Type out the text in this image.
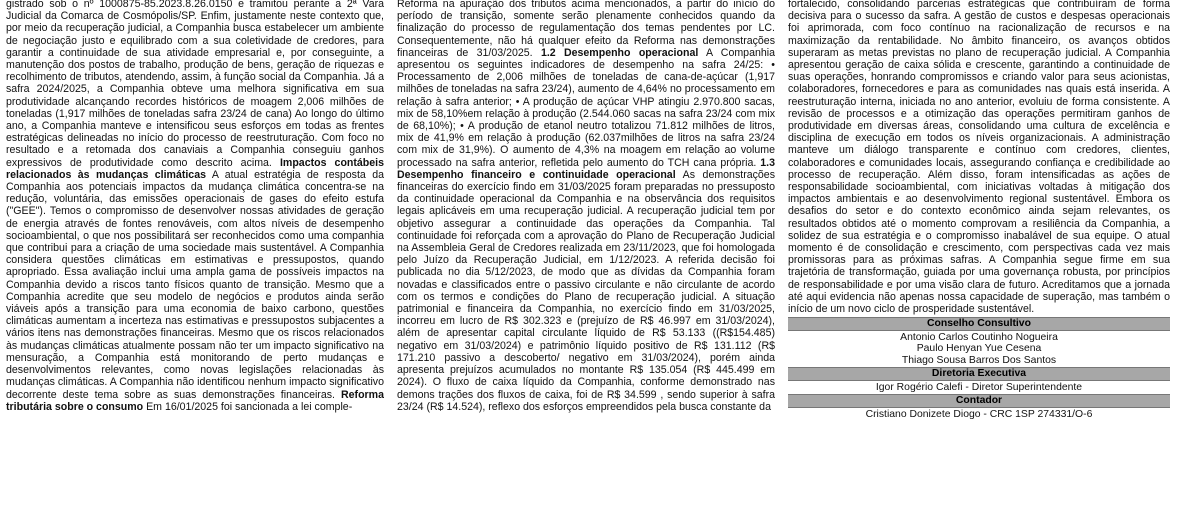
gistrado sob o nº 1000875-85.2023.8.26.0150 e tramitou perante a 2ª Vara Judicial da Comarca de Cosmópolis/SP. Enfim, justamente neste contexto que, por meio da recuperação judicial, a Companhia busca estabelecer um ambiente de negociação justo e equilibrado com a sua coletividade de credores, para garantir a continuidade de sua atividade empresarial e, por conseguinte, a manutenção dos postos de trabalho, produção de bens, geração de riquezas e recolhimento de tributos, atendendo, assim, à função social da Companhia. Já a safra 2024/2025, a Companhia obteve uma melhora significativa em sua produtividade alcançando recordes históricos de moagem 2,006 milhões de toneladas (1,917 milhões de toneladas safra 23/24 de cana) Ao longo do último ano, a Companhia manteve e intensificou seus esforços em todas as frentes estratégicas delineadas no início do processo de reestruturação. Com foco no resultado e a retomada dos canaviais a Companhia conseguiu ganhos expressivos de produtividade como descrito acima. Impactos contábeis relacionados às mudanças climáticas A atual estratégia de resposta da Companhia aos potenciais impactos da mudança climática concentra-se na redução, voluntária, das emissões operacionais de gases do efeito estufa ("GEE"). Temos o compromisso de desenvolver nossas atividades de geração de energia através de fontes renováveis, com altos níveis de desempenho socioambiental, o que nos possibilitará ser reconhecidos como uma companhia que contribui para a criação de uma sociedade mais sustentável. A Companhia considera questões climáticas em estimativas e pressupostos, quando apropriado. Essa avaliação inclui uma ampla gama de possíveis impactos na Companhia devido a riscos tanto físicos quanto de transição. Mesmo que a Companhia acredite que seu modelo de negócios e produtos ainda serão viáveis após a transição para uma economia de baixo carbono, questões climáticas aumentam a incerteza nas estimativas e pressupostos subjacentes a vários itens nas demonstrações financeiras. Mesmo que os riscos relacionados às mudanças climáticas atualmente possam não ter um impacto significativo na mensuração, a Companhia está monitorando de perto mudanças e desenvolvimentos relevantes, como novas legislações relacionadas às mudanças climáticas. A Companhia não identificou nenhum impacto significativo decorrente deste tema sobre as suas demonstrações financeiras. Reforma tributária sobre o consumo Em 16/01/2025 foi sancionada a lei comple-

Reforma na apuração dos tributos acima mencionados, a partir do início do período de transição, somente serão plenamente conhecidos quando da finalização do processo de regulamentação dos temas pendentes por LC. Consequentemente, não há qualquer efeito da Reforma nas demonstrações financeiras de 31/03/2025. 1.2 Desempenho operacional A Companhia apresentou os seguintes indicadores de desempenho na safra 24/25: • Processamento de 2,006 milhões de toneladas de cana-de-açúcar (1,917 milhões de toneladas na safra 23/24), aumento de 4,64% no processamento em relação à safra anterior; • A produção de açúcar VHP atingiu 2.970.800 sacas, mix de 58,10%em relação à produção (2.544.060 sacas na safra 23/24 com mix de 68,10%); • A produção de etanol neutro totalizou 71.812 milhões de litros, mix de 41,9% em relação à produção (62.037milhões de litros na safra 23/24 com mix de 31,9%). O aumento de 4,3% na moagem em relação ao volume processado na safra anterior, refletida pelo aumento do TCH cana própria. 1.3 Desempenho financeiro e continuidade operacional As demonstrações financeiras do exercício findo em 31/03/2025 foram preparadas no pressuposto da continuidade operacional da Companhia e na observância dos requisitos legais aplicáveis em uma recuperação judicial. A recuperação judicial tem por objetivo assegurar a continuidade das operações da Companhia. Tal continuidade foi reforçada com a aprovação do Plano de Recuperação Judicial na Assembleia Geral de Credores realizada em 23/11/2023, que foi homologada pelo Juízo da Recuperação Judicial, em 1/12/2023. A referida decisão foi publicada no dia 5/12/2023, de modo que as dívidas da Companhia foram novadas e classificados entre o passivo circulante e não circulante de acordo com os termos e condições do Plano de recuperação judicial. A situação patrimonial e financeira da Companhia, no exercício findo em 31/03/2025, incorreu em lucro de R$ 302.323 e (prejuízo de R$ 46.997 em 31/03/2024), além de apresentar capital circulante líquido de R$ 53.133 ((R$154.485) negativo em 31/03/2024) e patrimônio líquido positivo de R$ 131.112 (R$ 171.210 passivo a descoberto/ negativo em 31/03/2024), porém ainda apresenta prejuízos acumulados no montante R$ 135.054 (R$ 445.499 em 2024). O fluxo de caixa líquido da Companhia, conforme demonstrado nas demons trações dos fluxos de caixa, foi de R$ 34.599 , sendo superior à safra 23/24 (R$ 14.524), reflexo dos esforços empreendidos pela busca constante da

fortalecido, consolidando parcerias estratégicas que contribuíram de forma decisiva para o sucesso da safra. A gestão de custos e despesas operacionais foi aprimorada, com foco contínuo na racionalização de recursos e na maximização da rentabilidade. No âmbito financeiro, os avanços obtidos superaram as metas previstas no plano de recuperação judicial. A Companhia apresentou geração de caixa sólida e crescente, garantindo a continuidade de suas operações, honrando compromissos e criando valor para seus acionistas, colaboradores, fornecedores e para as comunidades nas quais está inserida. A reestruturação interna, iniciada no ano anterior, evoluiu de forma consistente. A revisão de processos e a otimização das operações permitiram ganhos de produtividade em diversas áreas, consolidando uma cultura de excelência e disciplina de execução em todos os níveis organizacionais. A administração manteve um diálogo transparente e contínuo com credores, clientes, colaboradores e comunidades locais, assegurando confiança e credibilidade ao processo de recuperação. Além disso, foram intensificadas as ações de responsabilidade socioambiental, com iniciativas voltadas à mitigação dos impactos ambientais e ao desenvolvimento regional sustentável. Embora os desafios do setor e do contexto econômico ainda sejam relevantes, os resultados obtidos até o momento comprovam a resiliência da Companhia, a solidez de sua estratégia e o compromisso inabalável de sua equipe. O atual momento é de consolidação e crescimento, com perspectivas cada vez mais promissoras para as próximas safras. A Companhia segue firme em sua trajetória de transformação, guiada por uma governança robusta, por princípios de responsabilidade e por uma visão clara de futuro. Acreditamos que a jornada até aqui evidencia não apenas nossa capacidade de superação, mas também o início de um novo ciclo de prosperidade sustentável.

Conselho Consultivo
Antonio Carlos Coutinho Nogueira
Paulo Henyan Yue Cesena
Thiago Sousa Barros Dos Santos
Diretoria Executiva
Igor Rogério Calefi - Diretor Superintendente
Contador
Cristiano Donizete Diogo - CRC 1SP 274331/O-6
